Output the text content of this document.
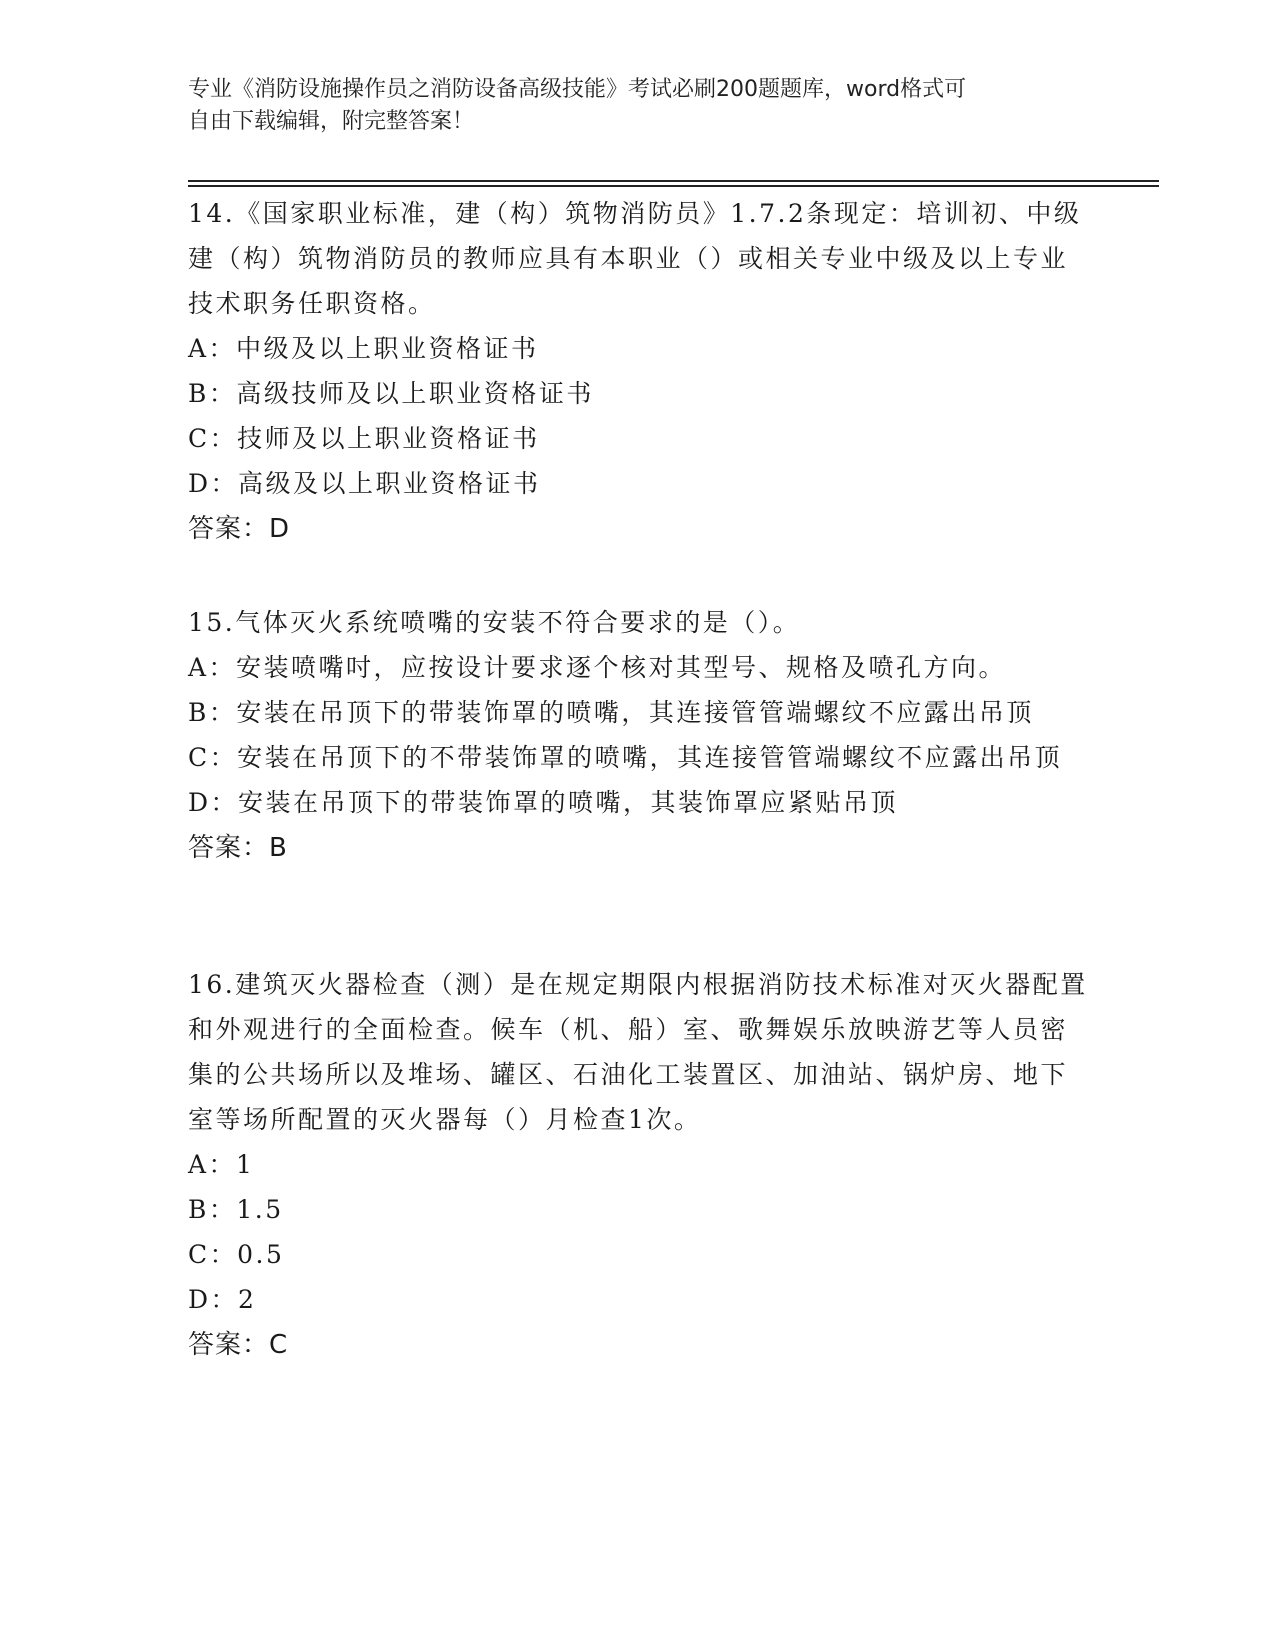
专业《消防设施操作员之消防设备高级技能》考试必刷200题题库，word格式可
自由下载编辑，附完整答案！

14.《国家职业标准，建（构）筑物消防员》1.7.2条现定：培训初、中级建（构）筑物消防员的教师应具有本职业（）或相关专业中级及以上专业技术职务任职资格。

A：中级及以上职业资格证书

B：高级技师及以上职业资格证书

C：技师及以上职业资格证书

D：高级及以上职业资格证书

答案：D

15.气体灭火系统喷嘴的安装不符合要求的是（）。

A：安装喷嘴吋，应按设计要求逐个核对其型号、规格及喷孔方向。

B：安装在吊顶下的带装饰罩的喷嘴，其连接管管端螺纹不应露出吊顶

C：安装在吊顶下的不带装饰罩的喷嘴，其连接管管端螺纹不应露出吊顶

D：安装在吊顶下的带装饰罩的喷嘴，其装饰罩应紧贴吊顶

答案：B

16.建筑灭火器检查（测）是在规定期限内根据消防技术标准对灭火器配置和外观进行的全面检查。候车（机、船）室、歌舞娱乐放映游艺等人员密集的公共场所以及堆场、罐区、石油化工装置区、加油站、锅炉房、地下室等场所配置的灭火器每（）月检查1次。

A：1

B：1.5

C：0.5

D：2

答案：C
